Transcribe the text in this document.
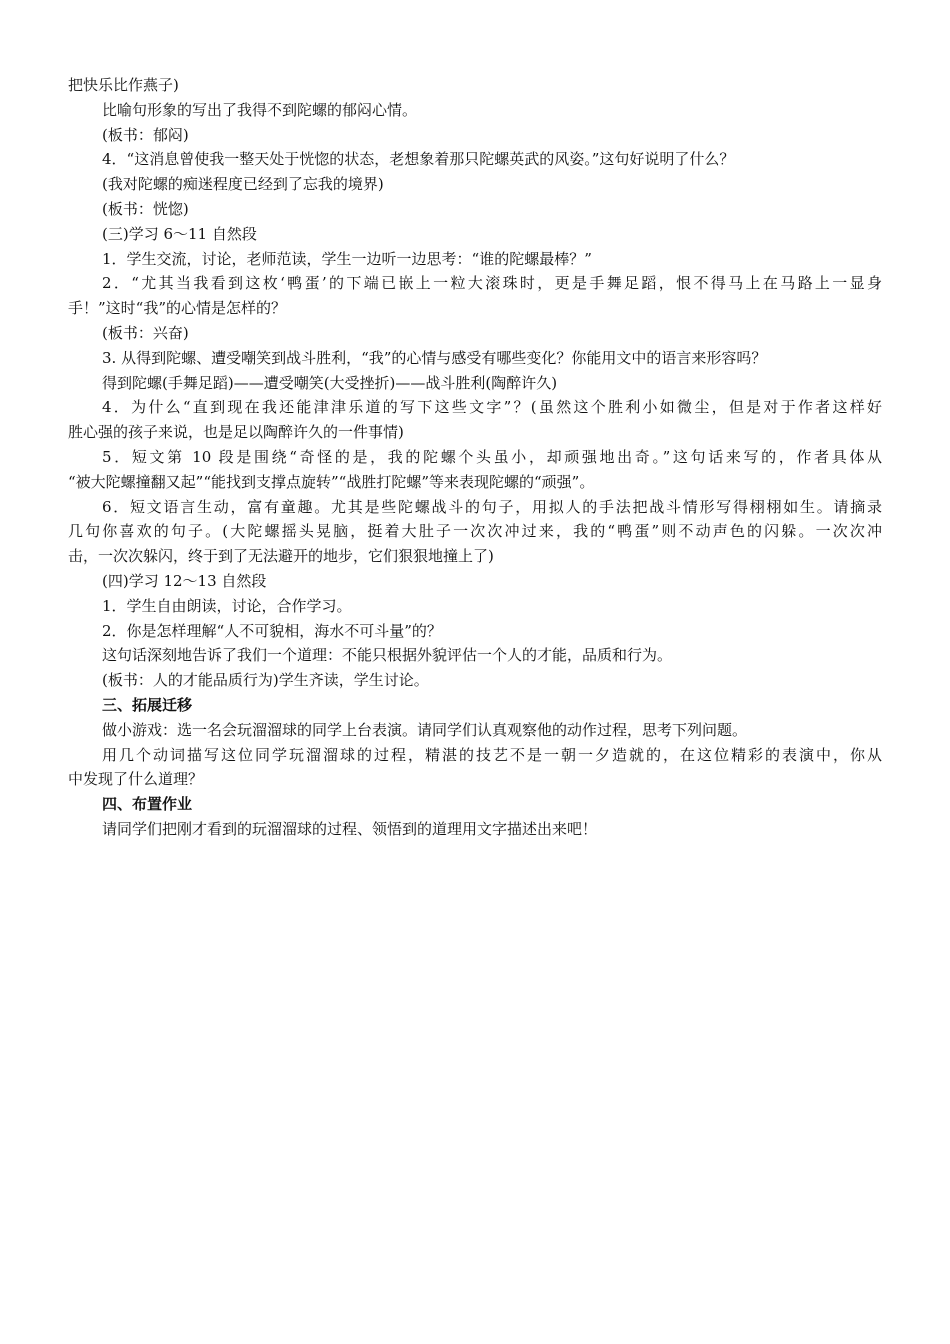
把快乐比作燕子)
比喻句形象的写出了我得不到陀螺的郁闷心情。
(板书：郁闷)
4．“这消息曾使我一整天处于恍惚的状态，老想象着那只陀螺英武的风姿。”这句好说明了什么？
(我对陀螺的痴迷程度已经到了忘我的境界)
(板书：恍惚)
(三)学习 6～11 自然段
1．学生交流，讨论，老师范读，学生一边听一边思考：“谁的陀螺最棒？”
2．“尤其当我看到这枚‘鸭蛋’的下端已嵌上一粒大滚珠时，更是手舞足蹈，恨不得马上在马路上一显身
手！”这时“我”的心情是怎样的？
(板书：兴奋)
3. 从得到陀螺、遭受嘲笑到战斗胜利，“我”的心情与感受有哪些变化？你能用文中的语言来形容吗？
得到陀螺(手舞足蹈)——遭受嘲笑(大受挫折)——战斗胜利(陶醉许久)
4．为什么“直到现在我还能津津乐道的写下这些文字”？(虽然这个胜利小如微尘，但是对于作者这样好
胜心强的孩子来说，也是足以陶醉许久的一件事情)
5．短文第 10 段是围绕“奇怪的是，我的陀螺个头虽小，却顽强地出奇。”这句话来写的，作者具体从
“被大陀螺撞翻又起”“能找到支撑点旋转”“战胜打陀螺”等来表现陀螺的“顽强”。
6．短文语言生动，富有童趣。尤其是些陀螺战斗的句子，用拟人的手法把战斗情形写得栩栩如生。请摘录
几句你喜欢的句子。(大陀螺摇头晃脑，挺着大肚子一次次冲过来，我的“鸭蛋”则不动声色的闪躲。一次次冲
击，一次次躲闪，终于到了无法避开的地步，它们狠狠地撞上了)
(四)学习 12～13 自然段
1．学生自由朗读，讨论，合作学习。
2．你是怎样理解“人不可貌相，海水不可斗量”的？
这句话深刻地告诉了我们一个道理：不能只根据外貌评估一个人的才能，品质和行为。
(板书：人的才能品质行为)学生齐读，学生讨论。
三、拓展迁移
做小游戏：选一名会玩溜溜球的同学上台表演。请同学们认真观察他的动作过程，思考下列问题。
用几个动词描写这位同学玩溜溜球的过程，精湛的技艺不是一朝一夕造就的，在这位精彩的表演中，你从
中发现了什么道理？
四、布置作业
请同学们把刚才看到的玩溜溜球的过程、领悟到的道理用文字描述出来吧！
